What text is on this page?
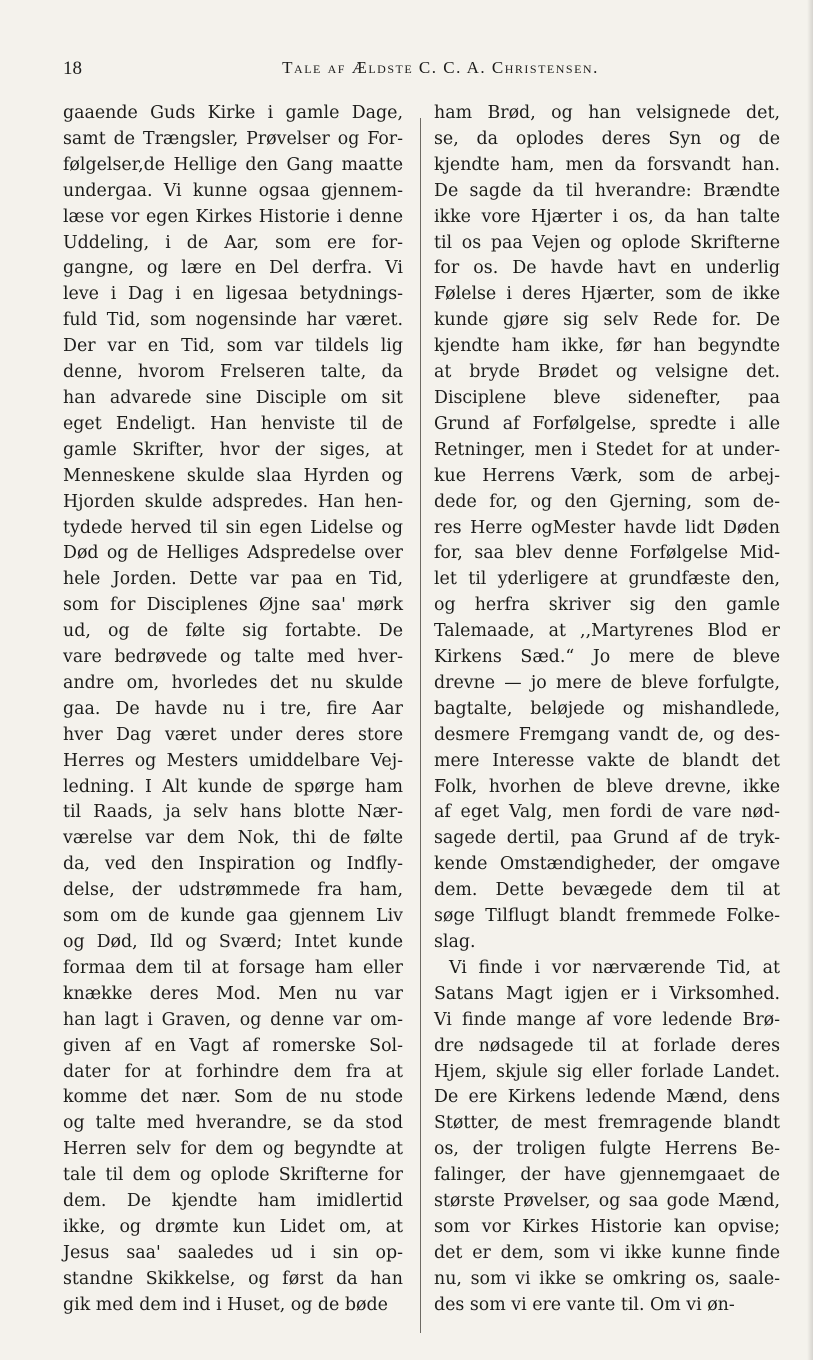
18	Tale af Ældste C. C. A. Christensen.
gaaende Guds Kirke i gamle Dage,
samt de Trængsler, Prøvelser og For-
følgelser,de Hellige den Gang maatte
undergaa. Vi kunne ogsaa gjennem-
læse vor egen Kirkes Historie i denne
Uddeling, i de Aar, som ere for-
gangne, og lære en Del derfra. Vi
leve i Dag i en ligesaa betydnings-
fuld Tid, som nogensinde har været.
Der var en Tid, som var tildels lig
denne, hvorom Frelseren talte, da
han advarede sine Disciple om sit
eget Endeligt. Han henviste til de
gamle Skrifter, hvor der siges, at
Menneskene skulde slaa Hyrden og
Hjorden skulde adspredes. Han hen-
tydede herved til sin egen Lidelse og
Død og de Helliges Adspredelse over
hele Jorden. Dette var paa en Tid,
som for Disciplenes Øjne saa' mørk
ud, og de følte sig fortabte. De
vare bedrøvede og talte med hver-
andre om, hvorledes det nu skulde
gaa. De havde nu i tre, fire Aar
hver Dag været under deres store
Herres og Mesters umiddelbare Vej-
ledning. I Alt kunde de spørge ham
til Raads, ja selv hans blotte Nær-
værelse var dem Nok, thi de følte
da, ved den Inspiration og Indfly-
delse, der udstrømmede fra ham,
som om de kunde gaa gjennem Liv
og Død, Ild og Sværd; Intet kunde
formaa dem til at forsage ham eller
knække deres Mod. Men nu var
han lagt i Graven, og denne var om-
given af en Vagt af romerske Sol-
dater for at forhindre dem fra at
komme det nær. Som de nu stode
og talte med hverandre, se da stod
Herren selv for dem og begyndte at
tale til dem og oplode Skrifterne for
dem. De kjendte ham imidlertid
ikke, og drømte kun Lidet om, at
Jesus saa' saaledes ud i sin op-
standne Skikkelse, og først da han
gik med dem ind i Huset, og de bøde
ham Brød, og han velsignede det,
se, da oplodes deres Syn og de
kjendte ham, men da forsvandt han.
De sagde da til hverandre: Brændte
ikke vore Hjærter i os, da han talte
til os paa Vejen og oplode Skrifterne
for os. De havde havt en underlig
Følelse i deres Hjærter, som de ikke
kunde gjøre sig selv Rede for. De
kjendte ham ikke, før han begyndte
at bryde Brødet og velsigne det.
Disciplene bleve sidenefter, paa
Grund af Forfølgelse, spredte i alle
Retninger, men i Stedet for at under-
kue Herrens Værk, som de arbej-
dede for, og den Gjerning, som de-
res Herre ogMester havde lidt Døden
for, saa blev denne Forfølgelse Mid-
let til yderligere at grundfæste den,
og herfra skriver sig den gamle
Talemaade, at ,,Martyrenes Blod er
Kirkens Sæd.“ Jo mere de bleve
drevne — jo mere de bleve forfulgte,
bagtalte, beløjede og mishandlede,
desmere Fremgang vandt de, og des-
mere Interesse vakte de blandt det
Folk, hvorhen de bleve drevne, ikke
af eget Valg, men fordi de vare nød-
sagede dertil, paa Grund af de tryk-
kende Omstændigheder, der omgave
dem. Dette bevægede dem til at
søge Tilflugt blandt fremmede Folke-
slag.
Vi finde i vor nærværende Tid, at
Satans Magt igjen er i Virksomhed.
Vi finde mange af vore ledende Brø-
dre nødsagede til at forlade deres
Hjem, skjule sig eller forlade Landet.
De ere Kirkens ledende Mænd, dens
Støtter, de mest fremragende blandt
os, der troligen fulgte Herrens Be-
falinger, der have gjennemgaaet de
største Prøvelser, og saa gode Mænd,
som vor Kirkes Historie kan opvise;
det er dem, som vi ikke kunne finde
nu, som vi ikke se omkring os, saale-
des som vi ere vante til. Om vi øn-
